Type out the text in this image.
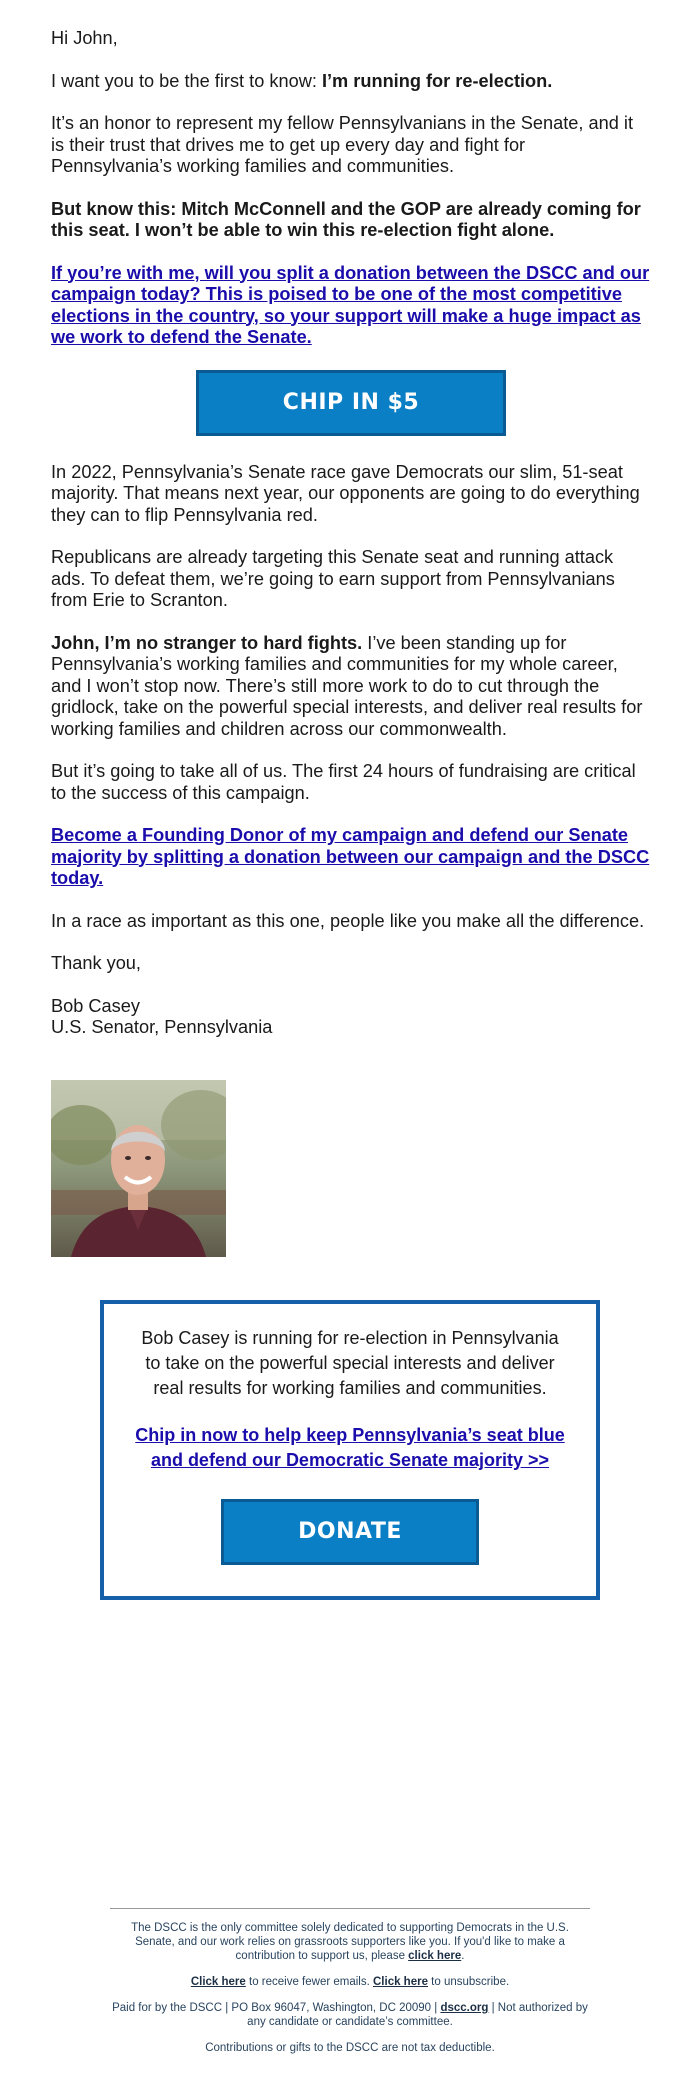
Hi John,

I want you to be the first to know: I’m running for re-election.

It’s an honor to represent my fellow Pennsylvanians in the Senate, and it is their trust that drives me to get up every day and fight for Pennsylvania’s working families and communities.

But know this: Mitch McConnell and the GOP are already coming for this seat. I won’t be able to win this re-election fight alone.

If you’re with me, will you split a donation between the DSCC and our campaign today? This is poised to be one of the most competitive elections in the country, so your support will make a huge impact as we work to defend the Senate.

CHIP IN $5

In 2022, Pennsylvania’s Senate race gave Democrats our slim, 51-seat majority. That means next year, our opponents are going to do everything they can to flip Pennsylvania red.

Republicans are already targeting this Senate seat and running attack ads. To defeat them, we’re going to earn support from Pennsylvanians from Erie to Scranton.

John, I’m no stranger to hard fights. I’ve been standing up for Pennsylvania’s working families and communities for my whole career, and I won’t stop now. There’s still more work to do to cut through the gridlock, take on the powerful special interests, and deliver real results for working families and children across our commonwealth.

But it’s going to take all of us. The first 24 hours of fundraising are critical to the success of this campaign.

Become a Founding Donor of my campaign and defend our Senate majority by splitting a donation between our campaign and the DSCC today.

In a race as important as this one, people like you make all the difference.

Thank you,

Bob Casey
U.S. Senator, Pennsylvania

Bob Casey is running for re-election in Pennsylvania to take on the powerful special interests and deliver real results for working families and communities.

Chip in now to help keep Pennsylvania’s seat blue and defend our Democratic Senate majority >>

DONATE

The DSCC is the only committee solely dedicated to supporting Democrats in the U.S. Senate, and our work relies on grassroots supporters like you. If you'd like to make a contribution to support us, please click here.

Click here to receive fewer emails. Click here to unsubscribe.

Paid for by the DSCC | PO Box 96047, Washington, DC 20090 | dscc.org | Not authorized by any candidate or candidate’s committee.

Contributions or gifts to the DSCC are not tax deductible.
